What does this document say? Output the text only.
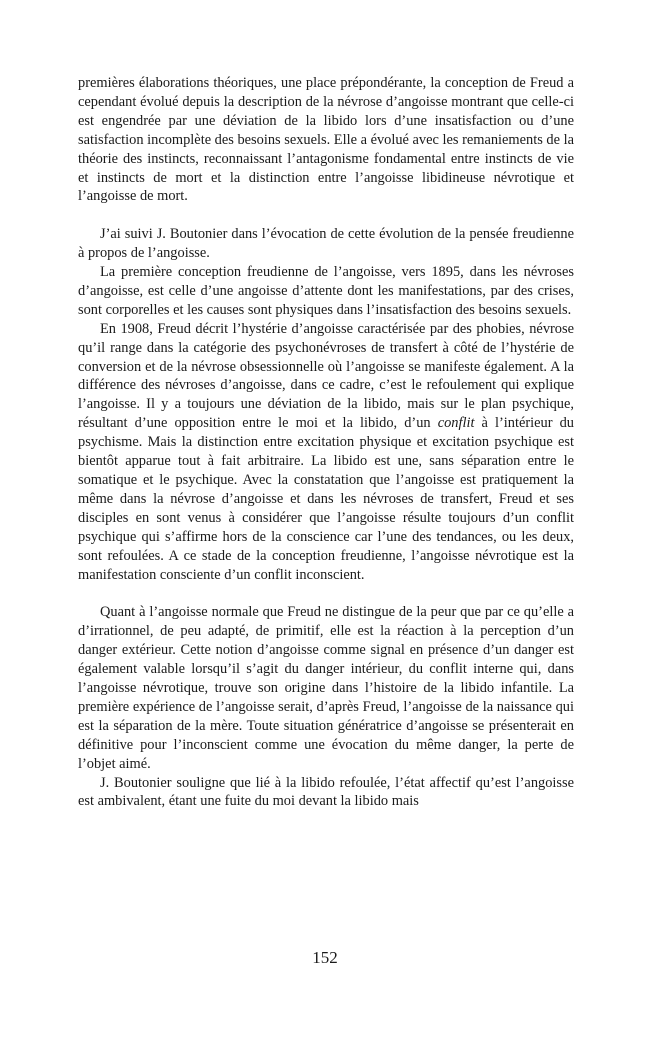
premières élaborations théoriques, une place prépondérante, la conception de Freud a cependant évolué depuis la description de la névrose d’angoisse montrant que celle-ci est engendrée par une déviation de la libido lors d’une insatisfaction ou d’une satisfaction incomplète des besoins sexuels. Elle a évolué avec les remaniements de la théorie des instincts, reconnaissant l’antagonisme fondamental entre instincts de vie et instincts de mort et la distinction entre l’angoisse libidineuse névrotique et l’angoisse de mort.

J’ai suivi J. Boutonier dans l’évocation de cette évolution de la pensée freudienne à propos de l’angoisse.

La première conception freudienne de l’angoisse, vers 1895, dans les névroses d’angoisse, est celle d’une angoisse d’attente dont les manifestations, par des crises, sont corporelles et les causes sont physiques dans l’insatisfaction des besoins sexuels.

En 1908, Freud décrit l’hystérie d’angoisse caractérisée par des phobies, névrose qu’il range dans la catégorie des psychonévroses de transfert à côté de l’hystérie de conversion et de la névrose obsessionnelle où l’angoisse se manifeste également. A la différence des névroses d’angoisse, dans ce cadre, c’est le refoulement qui explique l’angoisse. Il y a toujours une déviation de la libido, mais sur le plan psychique, résultant d’une opposition entre le moi et la libido, d’un conflit à l’intérieur du psychisme. Mais la distinction entre excitation physique et excitation psychique est bientôt apparue tout à fait arbitraire. La libido est une, sans séparation entre le somatique et le psychique. Avec la constatation que l’angoisse est pratiquement la même dans la névrose d’angoisse et dans les névroses de transfert, Freud et ses disciples en sont venus à considérer que l’angoisse résulte toujours d’un conflit psychique qui s’affirme hors de la conscience car l’une des tendances, ou les deux, sont refoulées. A ce stade de la conception freudienne, l’angoisse névrotique est la manifestation consciente d’un conflit inconscient.

Quant à l’angoisse normale que Freud ne distingue de la peur que par ce qu’elle a d’irrationnel, de peu adapté, de primitif, elle est la réaction à la perception d’un danger extérieur. Cette notion d’angoisse comme signal en présence d’un danger est également valable lorsqu’il s’agit du danger intérieur, du conflit interne qui, dans l’angoisse névrotique, trouve son origine dans l’histoire de la libido infantile. La première expérience de l’angoisse serait, d’après Freud, l’angoisse de la naissance qui est la séparation de la mère. Toute situation génératrice d’angoisse se présenterait en définitive pour l’inconscient comme une évocation du même danger, la perte de l’objet aimé.

J. Boutonier souligne que lié à la libido refoulée, l’état affectif qu’est l’angoisse est ambivalent, étant une fuite du moi devant la libido mais

152
